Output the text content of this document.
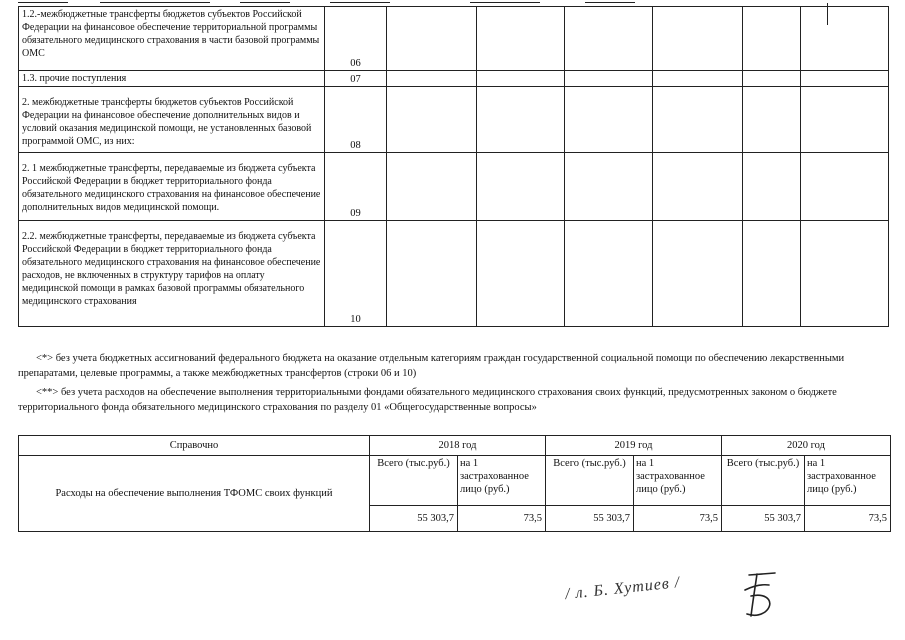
1.2.-межбюджетные трансферты бюджетов субъектов Российской Федерации на финансовое обеспечение территориальной программы обязательного медицинского страхования в части базовой программы ОМС	06						
1.3. прочие поступления	07						
2. межбюджетные трансферты бюджетов субъектов Российской Федерации на финансовое обеспечение дополнительных видов и условий оказания медицинской помощи, не установленных базовой программой ОМС, из них:	08						
2. 1 межбюджетные трансферты, передаваемые из бюджета субъекта Российской Федерации в бюджет территориального фонда обязательного медицинского страхования на финансовое обеспечение дополнительных видов медицинской помощи.	09						
2.2. межбюджетные трансферты, передаваемые из бюджета субъекта Российской Федерации в бюджет территориального фонда обязательного медицинского страхования на финансовое обеспечение расходов, не включенных в структуру тарифов на оплату медицинской помощи в рамках базовой программы обязательного медицинского страхования	10						
<*> без учета бюджетных ассигнований федерального бюджета на оказание отдельным категориям граждан государственной социальной помощи по обеспечению лекарственными препаратами, целевые программы, а также межбюджетных трансфертов (строки 06 и 10)
<**> без учета расходов на обеспечение выполнения территориальными фондами обязательного медицинского страхования своих функций, предусмотренных законом о бюджете территориального фонда обязательного медицинского страхования по разделу 01 «Общегосударственные вопросы»
Справочно	2018 год		2019 год		2020 год	
Расходы на обеспечение выполнения ТФОМС своих функций	Всего (тыс.руб.)	на 1 застрахованное лицо (руб.)	Всего (тыс.руб.)	на 1 застрахованное лицо (руб.)	Всего (тыс.руб.)	на 1 застрахованное лицо (руб.)
	55 303,7	73,5	55 303,7	73,5	55 303,7	73,5
/ л. Б. Хутиев /
